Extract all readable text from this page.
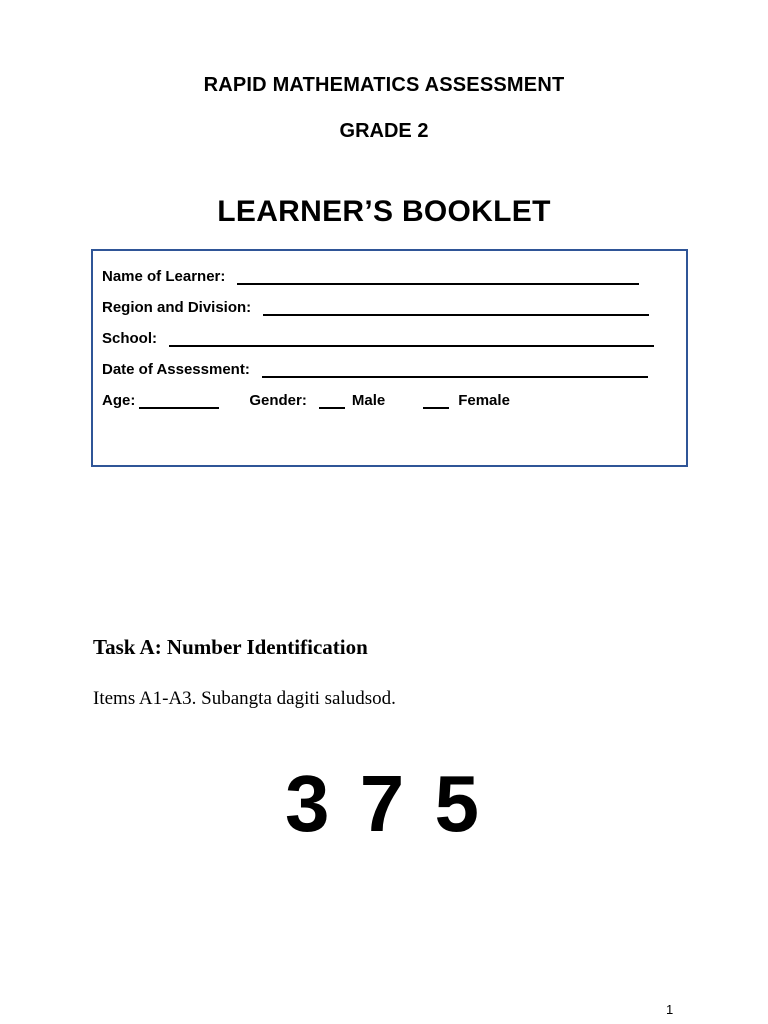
RAPID MATHEMATICS ASSESSMENT
GRADE 2
LEARNER’S BOOKLET
Name of Learner:
Region and Division:
School:
Date of Assessment:
Age:	Gender:	Male	Female
Task A: Number Identification
Items A1-A3. Subangta dagiti saludsod.
3 7 5
1
